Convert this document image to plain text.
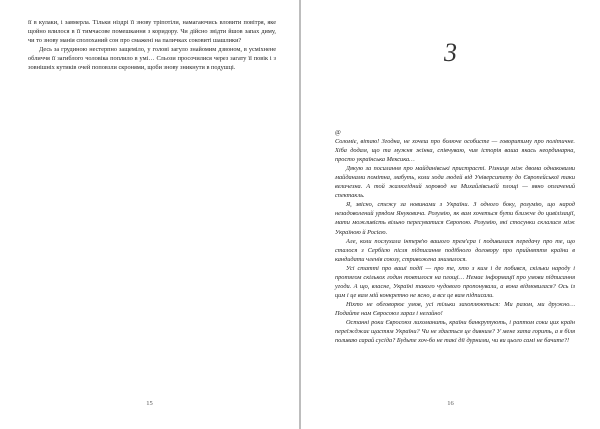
її в кулаки, і завмерла. Тільки ніздрі її знову тріпотіли, намагаючись вловити повітря, яке щойно влилося в її тимчасове помешкання з коридору. Чи дійсно звідти йшов запах диму, чи то знову манія сполоханий сон про смажені на паличках соковиті шашлики?

Десь за грудиною нестерпно защеміло, у голові загуло знайомим дзвоном, в усміхнене обличчя її загиблого чоловіка поплило в умі… Сльози просочилися через загату її повік і з зовнішніх кутиків очей поповзли скронями, щоби знову зникнути в подушці.

15
3

@

Соломіє, вітаю! Згодна, не хочеш про болюче особисте — говоритиму про політичне. Хіба додам, що та мужня жінка, співчуваю, чия історія ваша якась неординарна, просто українська Мексика…

Дякую за посилання про майданівські пристрасті. Різниця між двома однаковими майданами помітна, мабуть, коли хода людей від Університету до Європейської таки величезна. А той жалюгідний хоровод на Михайлівській площі — явно оплачений спектакль.

Я, звісно, стежу за новинами з України. З одного боку, розумію, що народ незадоволений урядом Януковича. Розумію, як вам хочеться бути ближче до цивілізації, мати можливість вільно пересуватися Європою. Розумію, які стосунки склалися між Україною й Росією.

Але, коли послухала інтерв'ю вашого прем'єра і подивилася передачу про те, що сталося з Сербією після підписання подібного договору про прийняття країни в кандидати членів союзу, стривожена знимилося.

Усі статті про ваші події — про те, хто з ким і де побився, скільки народу і протягом скількох годин товпилося на площі… Немає інформації про умови підписання угоди. А що, власне, Україні такого чудового пропонували, а вона відмовилася? Ось із цим і це вам мій конкретно не ясно, а все це вам підписали.

Ніхто не обговорює умов, усі тільки захоплюються: Ми разом, ми дружно… Подайте нам Євросоюз зараз і негайно!

Останні роки Євросоюз лихоманить, країни банкрутують, і раптом соки цих країн переїжджає щастям України? Чи не здається це дивним? У мене хата горить, а я біля поливаю сарай сусіда? Будьте хоч-бо не такі дії дурними, чи ви цього самі не бачите?!

16
